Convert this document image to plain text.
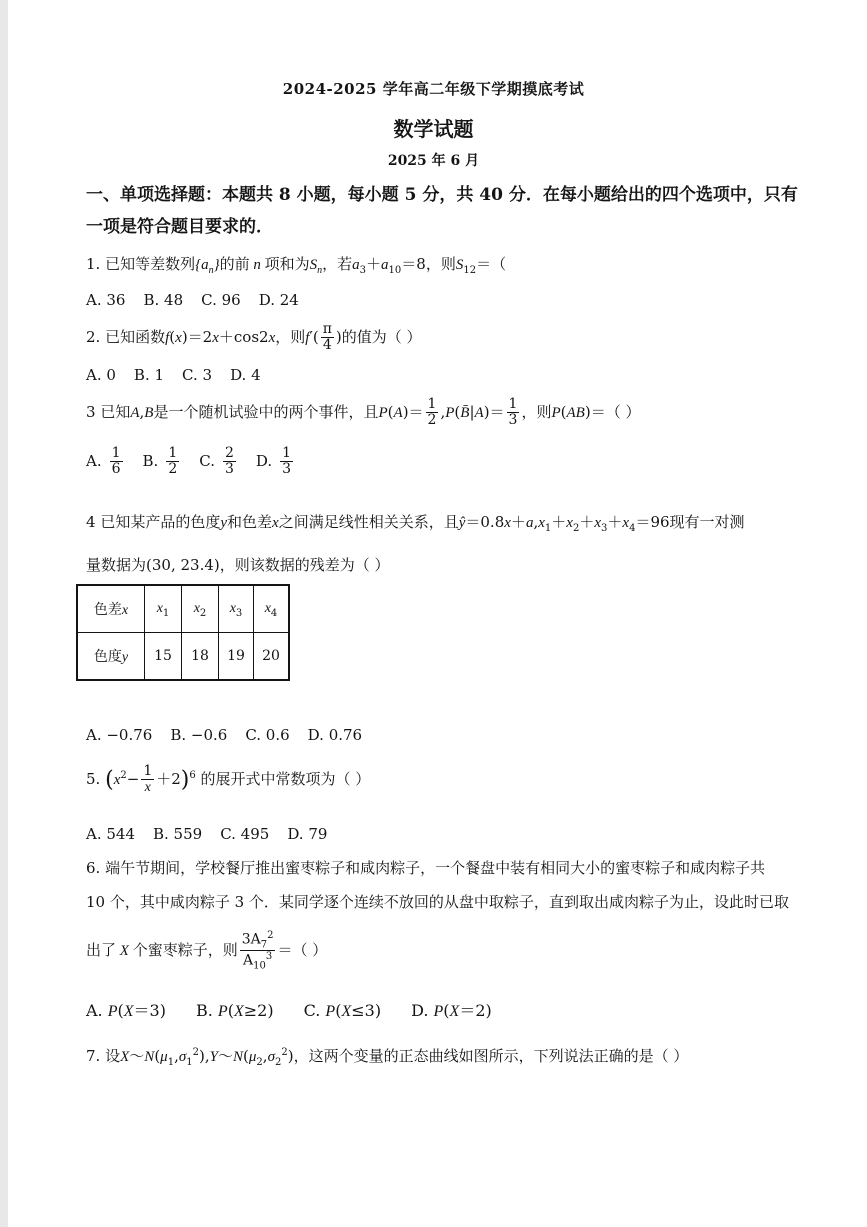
2024-2025 学年高二年级下学期摸底考试
数学试题
2025 年 6 月
一、单项选择题：本题共 8 小题，每小题 5 分，共 40 分．在每小题给出的四个选项中，只有
一项是符合题目要求的．
1. 已知等差数列$\{a_n\}$的前 n 项和为$S_n$，若$a_3+a_{10}=8$，则$S_{12}=$（
A. 36 B. 48 C. 96 D. 24
2. 已知函数f(x)＝2x＋cos2x，则$f'( \frac{\pi}{4}$ )的值为（ ）
A. 0 B. 1 C. 3 D. 4
3 已知A,B是一个随机试验中的两个事件，且$P(A)= \frac{1}{2}$ ,P(B̄|A)＝ $\frac{1}{3}$ ，则P(AB)＝（ ）
A. $\frac{1}{6} B$. $\frac{1}{2} C$. $\frac{2}{3} D$. $\frac{1}{3}$
4 已知某产品的色度y和色差x之间满足线性相关关系，且$ŷ=0.8x+a,x_1+x_2+x_3+x_4=96$现有一对测
量数据为(30, 23.4)，则该数据的残差为（ ）
色差x	$x_1$	$x_2$	$x_3$	$x_4$
色度y	15	18	19	20
A. −0.76 B. −0.6 C. 0.6 D. 0.76
5. $(x^2- \frac{1}{x} +2)^6$ 的展开式中常数项为（ ）
A. 544 B. 559 C. 495 D. 79
6. 端午节期间，学校餐厅推出蜜枣粽子和咸肉粽子，一个餐盘中装有相同大小的蜜枣粽子和咸肉粽子共
10 个，其中咸肉粽子 3 个．某同学逐个连续不放回的从盘中取粽子，直到取出咸肉粽子为止，设此时已取
出了 X 个蜜枣粽子，则 $\frac{3A_7^2}{A_{10}^3}$ ＝（ ）
A. P(X＝3) B. P(X≥2) C. P(X≤3) D. P(X＝2)
7. 设$X\sim N(\mu_1,\sigma_1^2),Y\sim N(\mu_2,\sigma_2^2)$，这两个变量的正态曲线如图所示，下列说法正确的是（ ）
